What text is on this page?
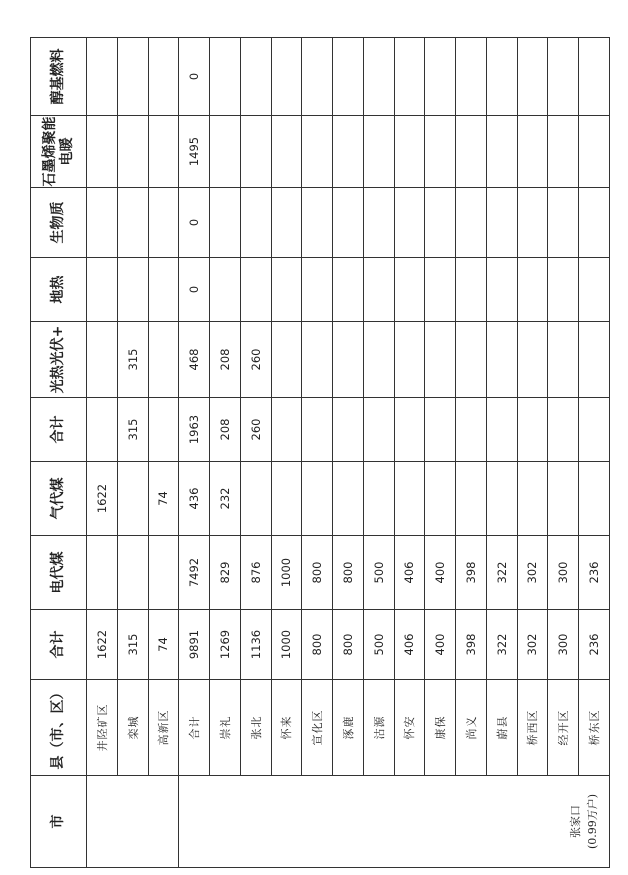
市	县（市、区）	合计	电代煤	气代煤	合计	光热光伏+	地热	生物质	石墨烯聚能电暖	醇基燃料
	井陉矿区	1622		1622						
	栾城	315			315	315				
	高新区	74		74						

张家口 (0.99万户)	合计	9891	7492	436	1963	468	0	0	1495	0
	崇礼	1269	829	232	208	208				
	张北	1136	876		260	260				
	怀来	1000	1000							
	宣化区	800	800							
	涿鹿	800	800							
	沽源	500	500							
	怀安	406	406							
	康保	400	400							
	尚义	398	398							
	蔚县	322	322							
	桥西区	302	302							
	经开区	300	300							
	桥东区	236	236							
